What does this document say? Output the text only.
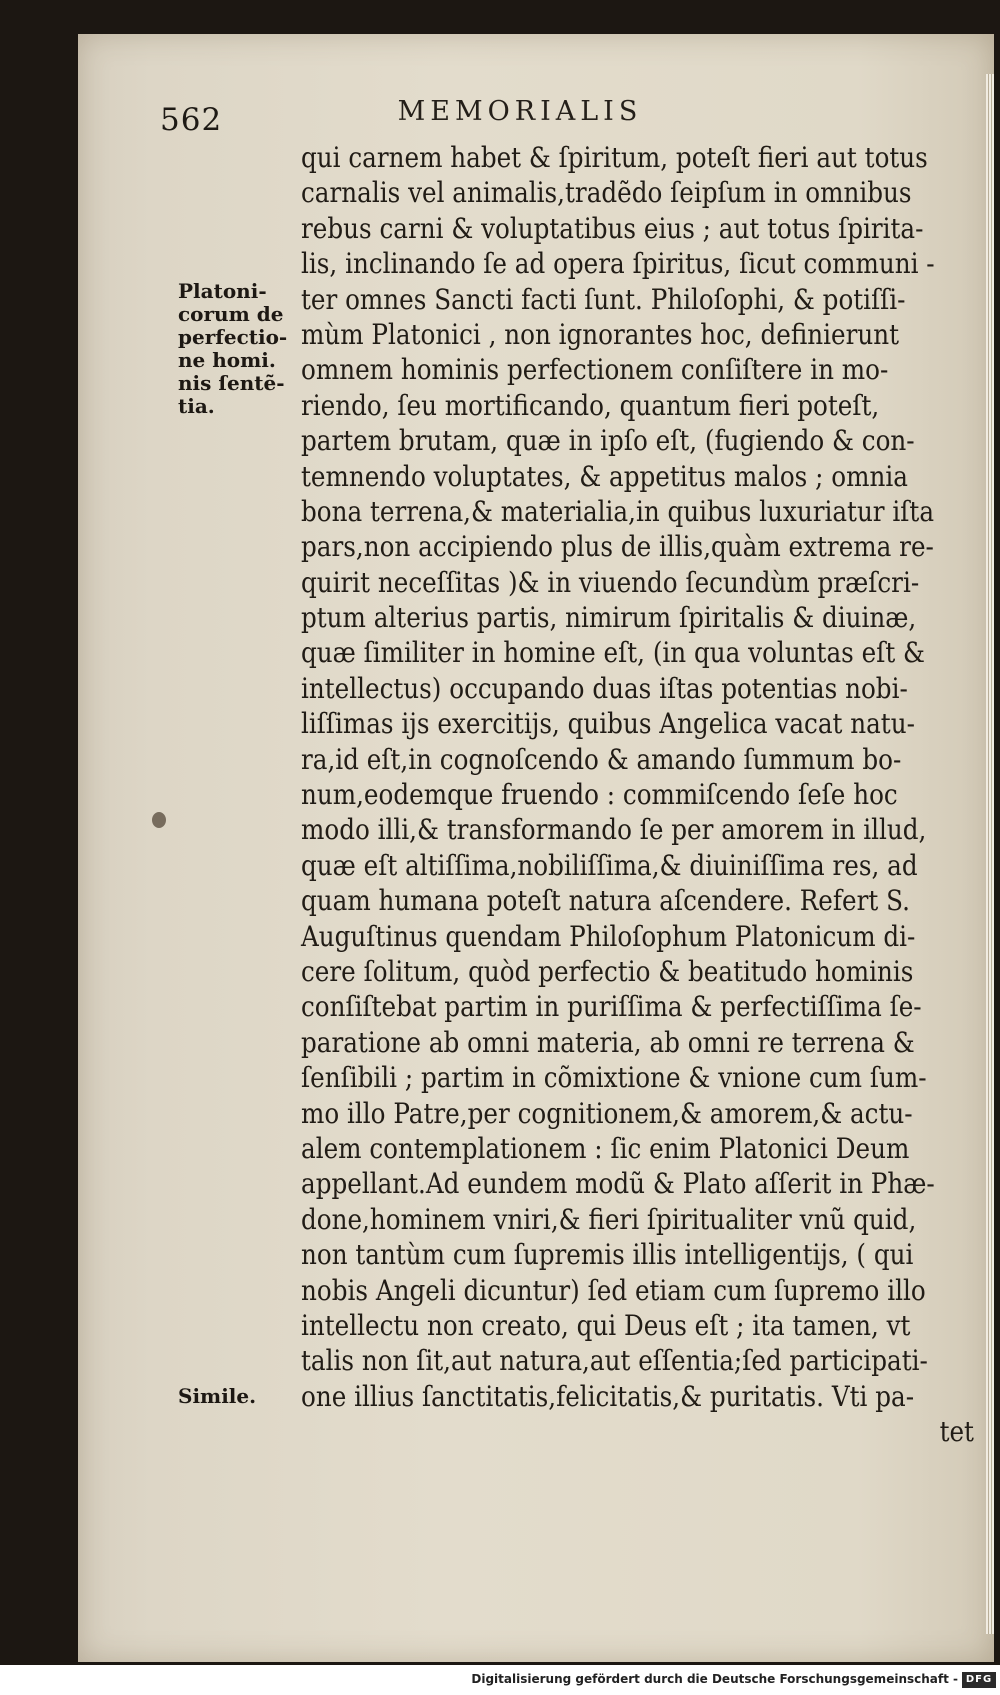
562	MEMORIALIS
Platoni-
corum de
perfectio-
ne homi.
nis ſentẽ-
tia.
Simile.
qui carnem habet & ſpiritum, poteſt fieri aut totus
carnalis vel animalis,tradẽdo ſeipſum in omnibus
rebus carni & voluptatibus eius ; aut totus ſpirita-
lis, inclinando ſe ad opera ſpiritus, ſicut communi -
ter omnes Sancti facti ſunt. Philoſophi, & potiſſi-
mùm Platonici , non ignorantes hoc, definierunt
omnem hominis perfectionem conſiſtere in mo-
riendo, ſeu mortificando, quantum fieri poteſt,
partem brutam, quæ in ipſo eſt, (fugiendo & con-
temnendo voluptates, & appetitus malos ; omnia
bona terrena,& materialia,in quibus luxuriatur iſta
pars,non accipiendo plus de illis,quàm extrema re-
quirit neceſſitas )& in viuendo ſecundùm præſcri-
ptum alterius partis, nimirum ſpiritalis & diuinæ,
quæ ſimiliter in homine eſt, (in qua voluntas eſt &
intellectus) occupando duas iſtas potentias nobi-
liſſimas ijs exercitijs, quibus Angelica vacat natu-
ra,id eſt,in cognoſcendo & amando ſummum bo-
num,eodemque fruendo : commiſcendo ſeſe hoc
modo illi,& transformando ſe per amorem in illud,
quæ eſt altiſſima,nobiliſſima,& diuiniſſima res, ad
quam humana poteſt natura aſcendere. Refert S.
Auguſtinus quendam Philoſophum Platonicum di-
cere ſolitum, quòd perfectio & beatitudo hominis
conſiſtebat partim in puriſſima & perfectiſſima ſe-
paratione ab omni materia, ab omni re terrena &
ſenſibili ; partim in cõmixtione & vnione cum ſum-
mo illo Patre,per cognitionem,& amorem,& actu-
alem contemplationem : ſic enim Platonici Deum
appellant.Ad eundem modũ & Plato aſſerit in Phæ-
done,hominem vniri,& fieri ſpiritualiter vnũ quid,
non tantùm cum ſupremis illis intelligentijs, ( qui
nobis Angeli dicuntur) ſed etiam cum ſupremo illo
intellectu non creato, qui Deus eſt ; ita tamen, vt
talis non ſit,aut natura,aut eſſentia;ſed participati-
one illius ſanctitatis,felicitatis,& puritatis. Vti pa-
tet
Digitalisierung gefördert durch die Deutsche Forschungsgemeinschaft - DFG
